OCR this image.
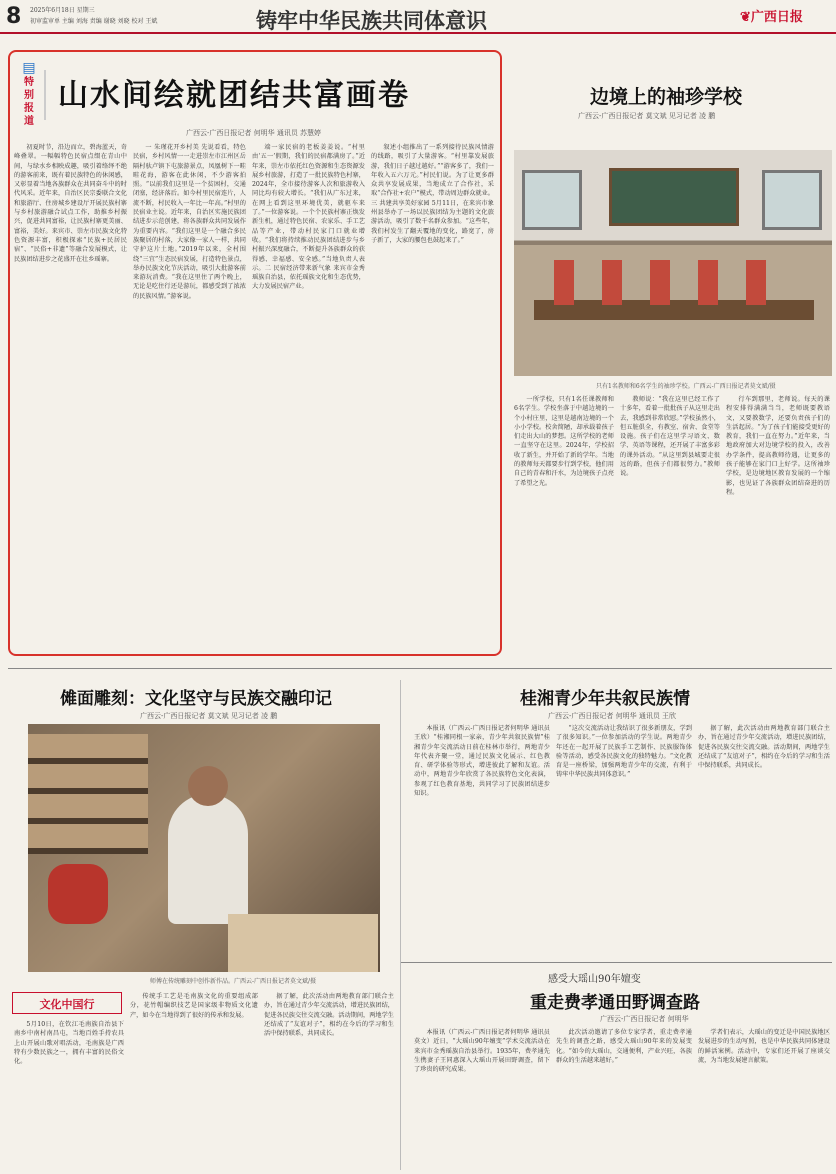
8 2025年6月18日 星期三
初审监审单 主编 刘海 责编 谢晓 刘晓 校对 王斌	铸牢中华民族共同体意识	❦广西日报
▤
特别报道
山水间绘就团结共富画卷
广西云-广西日报记者 何明华 通讯员 苏慧婷

初夏时节，沿边而立，碧海蓝天，奇峰叠翠。一幅幅特色民宿点缀在青山中间，与绿水乡相映成趣，吸引着络绎不绝的游客前来，既有着民族特色的休闲感，又彰显着当地各族群众在共同奋斗中的时代风采。近年来，自治区民宗委联合文化和旅游厅、住房城乡建设厅开展民族村寨与乡村旅游融合试点工作，助推乡村振兴，促进共同富裕，让民族村寨更美丽、富裕，美好。来宾市、崇左市民族文化特色资源丰富，积极探索“民族+民居民宿”、“民俗+非遗”等融合发展模式，让民族团结进步之花盛开在壮乡瑶寨。

一 朱瑾花开乡村美 先说看看，特色民宿，乡村风情一一走进崇左市江州区岳隔村驮卢镇下屯旅游景点，凤凰树下一畦畦花海，游客在此休闲，不少游客拍照。“以前我们这里是一个贫困村，交通闭塞，经济落后。如今村里民宿连片，人流不断，村民收入一年比一年高。”村里的民宿业主说。近年来，自治区实施民族团结进步示范创建，将各族群众共同发展作为重要内容。“我们这里是一个融合多民族聚居的村落，大家像一家人一样，共同守护这片土地。”2019年以来，全村围绕“三宜”生态民宿发展，打造特色景点，举办民族文化节庆活动，吸引大批游客前来游玩消费。“我在这里住了两个晚上，无论是吃住行还是游玩，都感受到了浓浓的民族风情。”游客说。

端一家民宿的老板姜姜说。“村里由‘五一’假期，我们的民宿都满房了。”近年来，崇左市依托红色资源和生态资源发展乡村旅游，打造了一批民族特色村寨，2024年，全市接待游客人次和旅游收入同比均有较大增长。“我们从广东过来，在网上看到这里环境优美，就驱车来了。”一位游客说。一个个民族村寨正焕发新生机，通过特色民宿、农家乐、手工艺品等产业，带动村民家门口就业增收。“我们将持续推动民族团结进步与乡村振兴深度融合，不断提升各族群众的获得感、幸福感、安全感。”当地负责人表示。二 民宿经济带来新气象 来宾市金秀瑶族自治县，依托瑶族文化和生态优势，大力发展民宿产业。

叙述小组推出了一系列接待民族风情游的线路，吸引了大量游客。“村里靠发展旅游，我们日子越过越好。”“游客多了，我们一年收入五六万元。”村民们说。为了让更多群众共享发展成果，当地成立了合作社，采取“合作社+农户”模式，带动周边群众就业。三 共建共享美好家园 5月11日，在来宾市象州县举办了一场以民族团结为主题的文化旅游活动，吸引了数千名群众参加。“这些年，我们村发生了翻天覆地的变化，路宽了，房子新了，大家的腰包也鼓起来了。”

边境上的袖珍学校
广西云-广西日报记者 莫文斌 见习记者 凌 鹏
只有1名教师和6名学生的袖珍学校。广西云-广西日报记者莫文斌/摄

一所学校，只有1名任课教师和6名学生。学校坐落于中越边境的一个小村庄里，这里是越南边境的一个小小学校。校舍简陋，却承载着孩子们走出大山的梦想。这所学校的老师一直坚守在这里。2024年，学校招收了新生，并开始了新的学年。当地的教师每天都要步行到学校，他们用自己的青春和汗水，为边境孩子点亮了希望之光。

教师说：“我在这里已经工作了十多年，看着一批批孩子从这里走出去，我感到非常欣慰。”学校虽然小，但五脏俱全，有教室、宿舍、食堂等设施。孩子们在这里学习语文、数学、英语等课程，还开展了丰富多彩的课外活动。“从这里到县城要走很远的路，但孩子们都很努力。”教师说。

行车到那里，老师说。每天的课程安排得满满当当，老师既要教语文，又要教数学，还要负责孩子们的生活起居。“为了孩子们能接受更好的教育，我们一直在努力。”近年来，当地政府加大对边境学校的投入，改善办学条件，提高教师待遇，让更多的孩子能够在家门口上好学。这所袖珍学校，是边境地区教育发展的一个缩影，也见证了各族群众团结奋进的历程。

傩面雕刻：文化坚守与民族交融印记
广西云-广西日报记者 莫文斌 见习记者 凌 鹏
师傅在传统雕刻中创作新作品。广西云-广西日报记者莫文斌/摄
桂湘青少年共叙民族情
广西云-广西日报记者 何明华 通讯员 王欣

本报讯（广西云-广西日报记者何明华 通讯员王欣）“桂湘同根一家亲，青少年共叙民族情”桂湘青少年交流活动日前在桂林市举行，两地青少年代表齐聚一堂，通过民族文化展示、红色教育、研学体验等形式，增进彼此了解和友谊。活动中，两地青少年欣赏了各民族特色文化表演，参观了红色教育基地，共同学习了民族团结进步知识。

“这次交流活动让我结识了很多新朋友，学到了很多知识。”一位参加活动的学生说。两地青少年还在一起开展了民族手工艺制作、民族服饰体验等活动，感受各民族文化的独特魅力。“文化教育是一座桥梁，加强两地青少年的交流，有利于铸牢中华民族共同体意识。”

据了解，此次活动由两地教育部门联合主办，旨在通过青少年交流活动，增进民族团结，促进各民族交往交流交融。活动期间，两地学生还结成了“友谊对子”，相约在今后的学习和生活中保持联系，共同成长。

文化中国行

5月10日，在钦江毛南族自治县下南乡中南村南昌屯，当地百姓手持农具上山开展山歌对唱活动，毛南族是广西特有少数民族之一，拥有丰富的民俗文化。

传统手工艺是毛南族文化的重要组成部分，花竹帽编织技艺是国家级非物质文化遗产，如今在当地得到了很好的传承和发展。

据了解，此次活动由两地教育部门联合主办，旨在通过青少年交流活动，增进民族团结，促进各民族交往交流交融。活动期间，两地学生还结成了“友谊对子”，相约在今后的学习和生活中保持联系，共同成长。

感受大瑶山90年嬗变
重走费孝通田野调查路
广西云-广西日报记者 何明华

本报讯（广西云-广西日报记者何明华 通讯员莫文）近日，“大瑶山90年嬗变”学术交流活动在来宾市金秀瑶族自治县举行。1935年，费孝通先生携妻子王同惠深入大瑶山开展田野调查，留下了珍贵的研究成果。

此次活动邀请了多位专家学者，重走费孝通先生的调查之路，感受大瑶山90年来的发展变化。“如今的大瑶山，交通便利，产业兴旺，各族群众的生活越来越好。”

学者们表示，大瑶山的变迁是中国民族地区发展进步的生动写照，也是中华民族共同体建设的鲜活案例。活动中，专家们还开展了座谈交流，为当地发展建言献策。
